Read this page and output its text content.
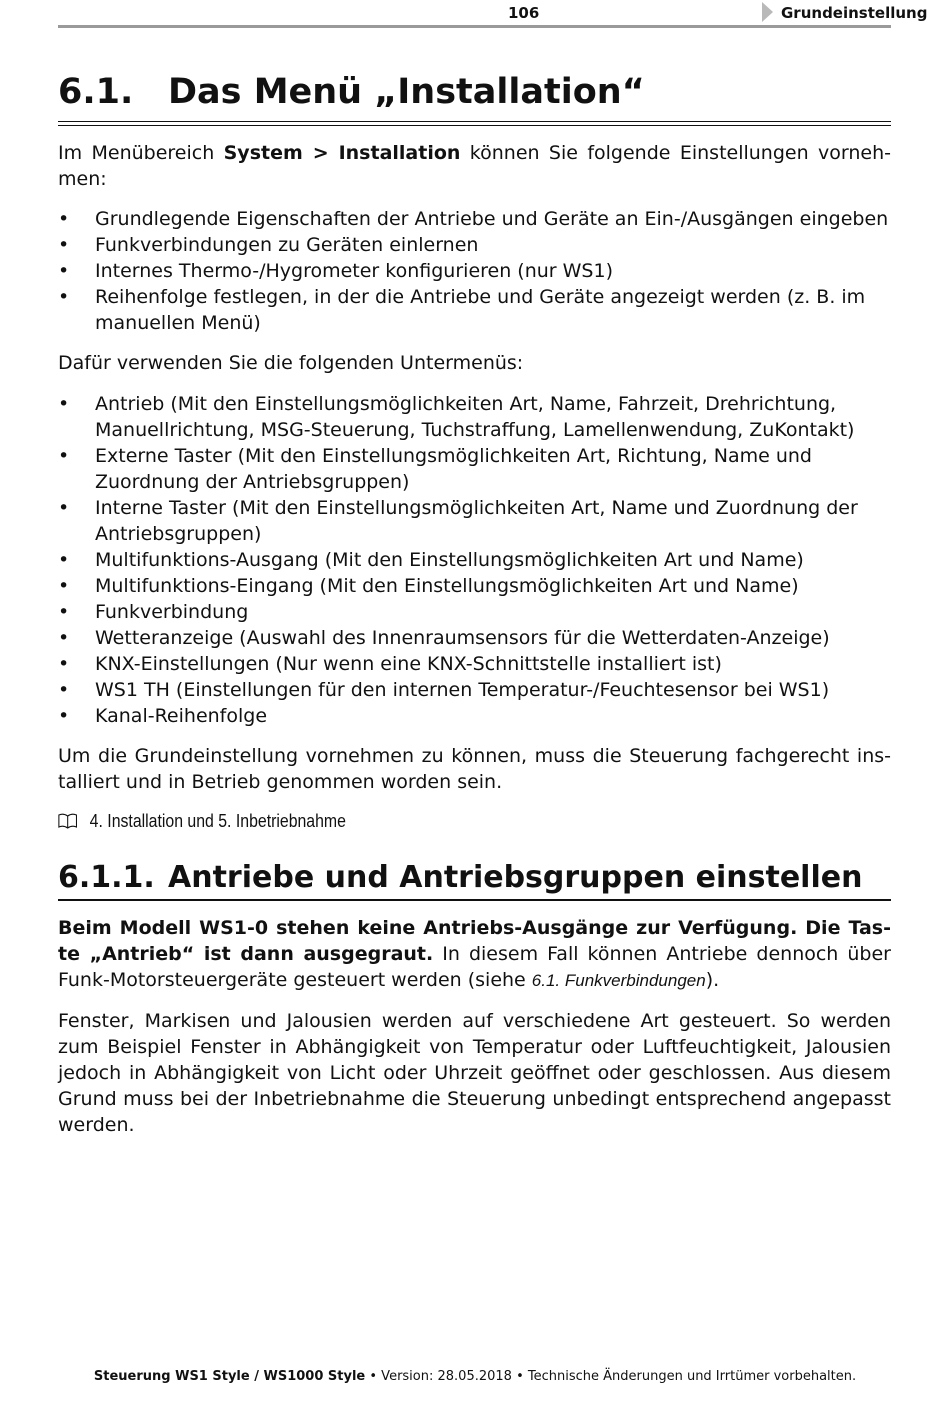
106	Grundeinstellung
6.1. Das Menü „Installation“

Im Menübereich System > Installation können Sie folgende Einstellungen vornehmen:

• Grundlegende Eigenschaften der Antriebe und Geräte an Ein-/Ausgängen eingeben
• Funkverbindungen zu Geräten einlernen
• Internes Thermo-/Hygrometer konfigurieren (nur WS1)
• Reihenfolge festlegen, in der die Antriebe und Geräte angezeigt werden (z. B. im manuellen Menü)

Dafür verwenden Sie die folgenden Untermenüs:

• Antrieb (Mit den Einstellungsmöglichkeiten Art, Name, Fahrzeit, Drehrichtung, Manuellrichtung, MSG-Steuerung, Tuchstraffung, Lamellenwendung, ZuKontakt)
• Externe Taster (Mit den Einstellungsmöglichkeiten Art, Richtung, Name und Zuordnung der Antriebsgruppen)
• Interne Taster (Mit den Einstellungsmöglichkeiten Art, Name und Zuordnung der Antriebsgruppen)
• Multifunktions-Ausgang (Mit den Einstellungsmöglichkeiten Art und Name)
• Multifunktions-Eingang (Mit den Einstellungsmöglichkeiten Art und Name)
• Funkverbindung
• Wetteranzeige (Auswahl des Innenraumsensors für die Wetterdaten-Anzeige)
• KNX-Einstellungen (Nur wenn eine KNX-Schnittstelle installiert ist)
• WS1 TH (Einstellungen für den internen Temperatur-/Feuchtesensor bei WS1)
• Kanal-Reihenfolge

Um die Grundeinstellung vornehmen zu können, muss die Steuerung fachgerecht installiert und in Betrieb genommen worden sein.

4. Installation und 5. Inbetriebnahme
6.1.1. Antriebe und Antriebsgruppen einstellen

Beim Modell WS1-0 stehen keine Antriebs-Ausgänge zur Verfügung. Die Taste „Antrieb“ ist dann ausgegraut. In diesem Fall können Antriebe dennoch über Funk-Motorsteuergeräte gesteuert werden (siehe 6.1. Funkverbindungen).

Fenster, Markisen und Jalousien werden auf verschiedene Art gesteuert. So werden zum Beispiel Fenster in Abhängigkeit von Temperatur oder Luftfeuchtigkeit, Jalousien jedoch in Abhängigkeit von Licht oder Uhrzeit geöffnet oder geschlossen. Aus diesem Grund muss bei der Inbetriebnahme die Steuerung unbedingt entsprechend angepasst werden.

Steuerung WS1 Style / WS1000 Style • Version: 28.05.2018 • Technische Änderungen und Irrtümer vorbehalten.
